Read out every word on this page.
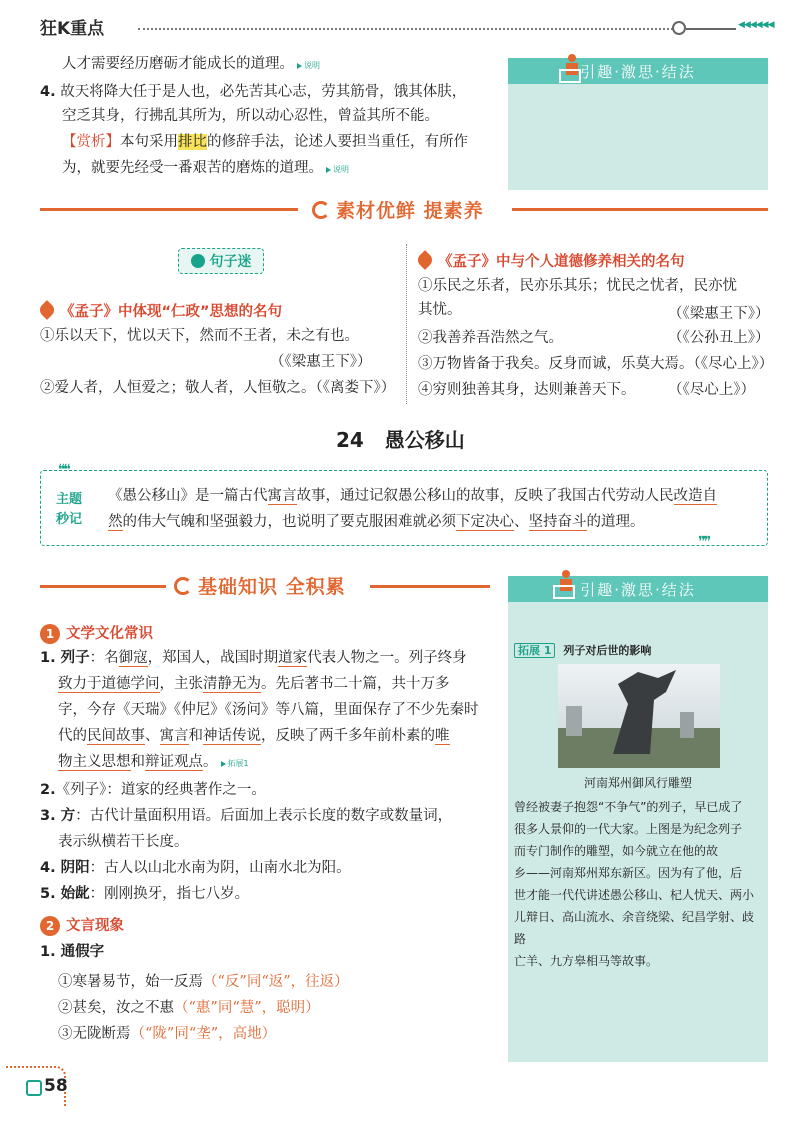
狂K重点	◀◀◀◀◀◀
人才需要经历磨砺才能成长的道理。 说明
4. 故天将降大任于是人也，必先苦其心志，劳其筋骨，饿其体肤，
空乏其身，行拂乱其所为，所以动心忍性，曾益其所不能。
【赏析】本句采用排比的修辞手法，论述人要担当重任，有所作
为，就要先经受一番艰苦的磨炼的道理。 说明
引趣·激思·结法
素材优鲜 提素养
句子迷
《孟子》中体现“仁政”思想的名句
①乐以天下，忧以天下，然而不王者，未之有也。
（《梁惠王下》）
②爱人者，人恒爱之；敬人者，人恒敬之。（《离娄下》）
《孟子》中与个人道德修养相关的名句
①乐民之乐者，民亦乐其乐；忧民之忧者，民亦忧
其忧。	（《梁惠王下》）
②我善养吾浩然之气。	（《公孙丑上》）
③万物皆备于我矣。反身而诚，乐莫大焉。（《尽心上》）
④穷则独善其身，达则兼善天下。 （《尽心上》）
24 愚公移山
❝❝
❞❞
主题
秒记
《愚公移山》是一篇古代寓言故事，通过记叙愚公移山的故事，反映了我国古代劳动人民改造自
然的伟大气魄和坚强毅力，也说明了要克服困难就必须下定决心、坚持奋斗的道理。
基础知识 全积累
1 文学文化常识
1. 列子：名御寇，郑国人，战国时期道家代表人物之一。列子终身
致力于道德学问，主张清静无为。先后著书二十篇，共十万多
字，今存《天瑞》《仲尼》《汤问》等八篇，里面保存了不少先秦时
代的民间故事、寓言和神话传说，反映了两千多年前朴素的唯
物主义思想和辩证观点。 拓展1
2.《列子》：道家的经典著作之一。
3. 方：古代计量面积用语。后面加上表示长度的数字或数量词，
表示纵横若干长度。
4. 阴阳：古人以山北水南为阴，山南水北为阳。
5. 始龀：刚刚换牙，指七八岁。
2 文言现象
1. 通假字
①寒暑易节，始一反焉（“反”同“返”，往返）
②甚矣，汝之不惠（“惠”同“慧”，聪明）
③无陇断焉（“陇”同“垄”，高地）
引趣·激思·结法
拓展 1 列子对后世的影响
河南郑州御风行雕塑
曾经被妻子抱怨“不争气”的列子，早已成了
很多人景仰的一代大家。上图是为纪念列子
而专门制作的雕塑，如今就立在他的故
乡——河南郑州郑东新区。因为有了他，后
世才能一代代讲述愚公移山、杞人忧天、两小
儿辩日、高山流水、余音绕梁、纪昌学射、歧路
亡羊、九方皋相马等故事。
58
